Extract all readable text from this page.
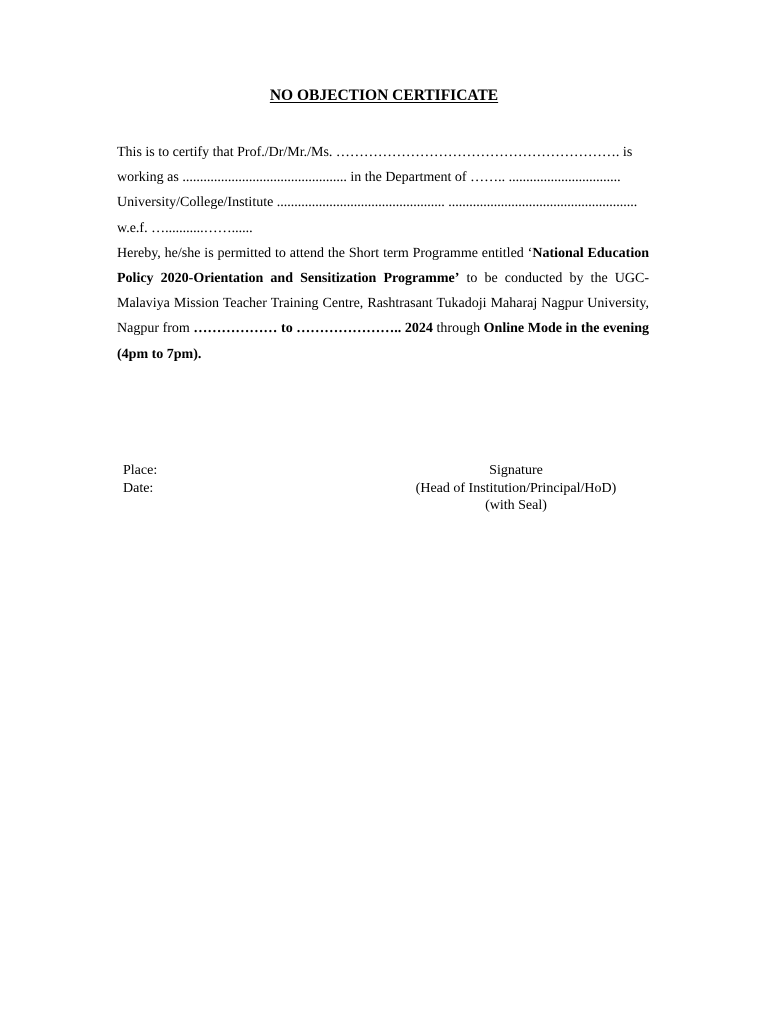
NO OBJECTION CERTIFICATE

This is to certify that Prof./Dr/Mr./Ms. ……………………………………………………. is
working as ............................................... in the Department of …….. ................................
University/College/Institute ................................................ ......................................................
w.e.f. …...........……......

Hereby, he/she is permitted to attend the Short term Programme entitled ‘National Education Policy 2020-Orientation and Sensitization Programme’ to be conducted by the UGC-Malaviya Mission Teacher Training Centre, Rashtrasant Tukadoji Maharaj Nagpur University, Nagpur from ……………… to ………………….. 2024 through Online Mode in the evening (4pm to 7pm).

Place:
Date:
Signature
(Head of Institution/Principal/HoD)
(with Seal)
